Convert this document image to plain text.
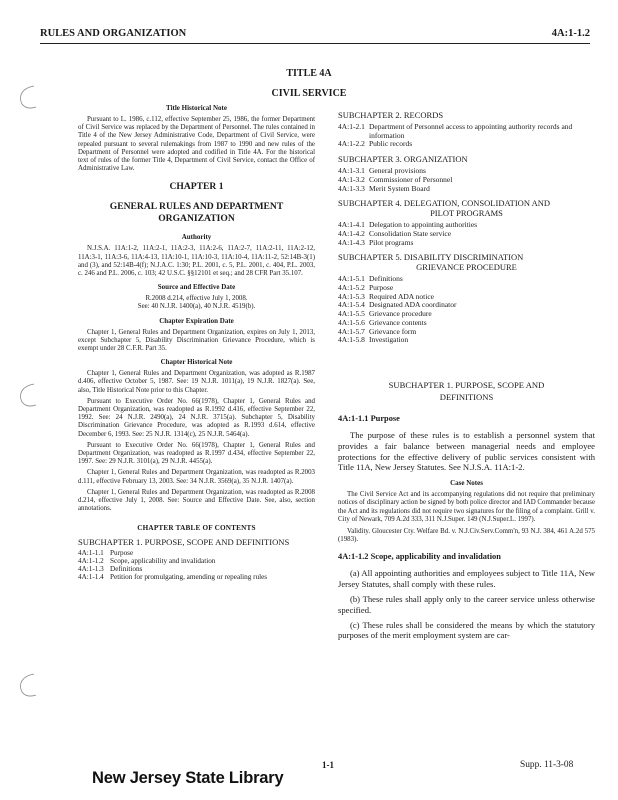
RULES AND ORGANIZATION	4A:1-1.2
TITLE 4A
CIVIL SERVICE
Title Historical Note

Pursuant to L. 1986, c.112, effective September 25, 1986, the former Department of Civil Service was replaced by the Department of Personnel. The rules contained in Title 4 of the New Jersey Administrative Code, Department of Civil Service, were repealed pursuant to several rulemakings from 1987 to 1990 and new rules of the Department of Personnel were adopted and codified in Title 4A. For the historical text of rules of the former Title 4, Department of Civil Service, contact the Office of Administrative Law.

CHAPTER 1
GENERAL RULES AND DEPARTMENT ORGANIZATION
Authority

N.J.S.A. 11A:1-2, 11A:2-1, 11A:2-3, 11A:2-6, 11A:2-7, 11A:2-11, 11A:2-12, 11A:3-1, 11A:3-6, 11A:4-13, 11A:10-1, 11A:10-3, 11A:10-4, 11A:11-2, 52:14B-3(1) and (3), and 52:14B-4(f); N.J.A.C. 1:30; P.L. 2001, c. 5, P.L. 2001, c. 404, P.L. 2003, c. 246 and P.L. 2006, c. 103; 42 U.S.C. §§12101 et seq.; and 28 CFR Part 35.107.

Source and Effective Date

R.2008 d.214, effective July 1, 2008.

See: 40 N.J.R. 1400(a), 40 N.J.R. 4519(b).

Chapter Expiration Date

Chapter 1, General Rules and Department Organization, expires on July 1, 2013, except Subchapter 5, Disability Discrimination Grievance Procedure, which is exempt under 28 C.F.R. Part 35.

Chapter Historical Note

Chapter 1, General Rules and Department Organization, was adopted as R.1987 d.406, effective October 5, 1987. See: 19 N.J.R. 1011(a), 19 N.J.R. 1827(a). See, also, Title Historical Note prior to this Chapter.

Pursuant to Executive Order No. 66(1978), Chapter 1, General Rules and Department Organization, was readopted as R.1992 d.416, effective September 22, 1992. See: 24 N.J.R. 2490(a), 24 N.J.R. 3715(a). Subchapter 5, Disability Discrimination Grievance Procedure, was adopted as R.1993 d.614, effective December 6, 1993. See: 25 N.J.R. 1314(c), 25 N.J.R. 5464(a).

Pursuant to Executive Order No. 66(1978), Chapter 1, General Rules and Department Organization, was readopted as R.1997 d.434, effective September 22, 1997. See: 29 N.J.R. 3101(a), 29 N.J.R. 4455(a).

Chapter 1, General Rules and Department Organization, was readopted as R.2003 d.111, effective February 13, 2003. See: 34 N.J.R. 3569(a), 35 N.J.R. 1407(a).

Chapter 1, General Rules and Department Organization, was readopted as R.2008 d.214, effective July 1, 2008. See: Source and Effective Date. See, also, section annotations.

CHAPTER TABLE OF CONTENTS
SUBCHAPTER 1. PURPOSE, SCOPE AND DEFINITIONS
4A:1-1.1 Purpose
4A:1-1.2 Scope, applicability and invalidation
4A:1-1.3 Definitions
4A:1-1.4 Petition for promulgating, amending or repealing rules
SUBCHAPTER 2. RECORDS
4A:1-2.1 Department of Personnel access to appointing authority records and information
4A:1-2.2 Public records
SUBCHAPTER 3. ORGANIZATION
4A:1-3.1 General provisions
4A:1-3.2 Commissioner of Personnel
4A:1-3.3 Merit System Board
SUBCHAPTER 4. DELEGATION, CONSOLIDATION AND
PILOT PROGRAMS
4A:1-4.1 Delegation to appointing authorities
4A:1-4.2 Consolidation State service
4A:1-4.3 Pilot programs
SUBCHAPTER 5. DISABILITY DISCRIMINATION
GRIEVANCE PROCEDURE
4A:1-5.1 Definitions
4A:1-5.2 Purpose
4A:1-5.3 Required ADA notice
4A:1-5.4 Designated ADA coordinator
4A:1-5.5 Grievance procedure
4A:1-5.6 Grievance contents
4A:1-5.7 Grievance form
4A:1-5.8 Investigation
SUBCHAPTER 1. PURPOSE, SCOPE AND
DEFINITIONS
4A:1-1.1 Purpose

The purpose of these rules is to establish a personnel system that provides a fair balance between managerial needs and employee protections for the effective delivery of public services consistent with Title 11A, New Jersey Statutes. See N.J.S.A. 11A:1-2.

Case Notes

The Civil Service Act and its accompanying regulations did not require that preliminary notices of disciplinary action be signed by both police director and IAD Commander because the Act and its regulations did not require two signatures for the filing of a complaint. Grill v. City of Newark, 709 A.2d 333, 311 N.J.Super. 149 (N.J.Super.L. 1997).

Validity. Gloucester Cty. Welfare Bd. v. N.J.Civ.Serv.Comm'n, 93 N.J. 384, 461 A.2d 575 (1983).

4A:1-1.2 Scope, applicability and invalidation

(a) All appointing authorities and employees subject to Title 11A, New Jersey Statutes, shall comply with these rules.

(b) These rules shall apply only to the career service unless otherwise specified.

(c) These rules shall be considered the means by which the statutory purposes of the merit employment system are car-

1-1	Supp. 11-3-08
New Jersey State Library
